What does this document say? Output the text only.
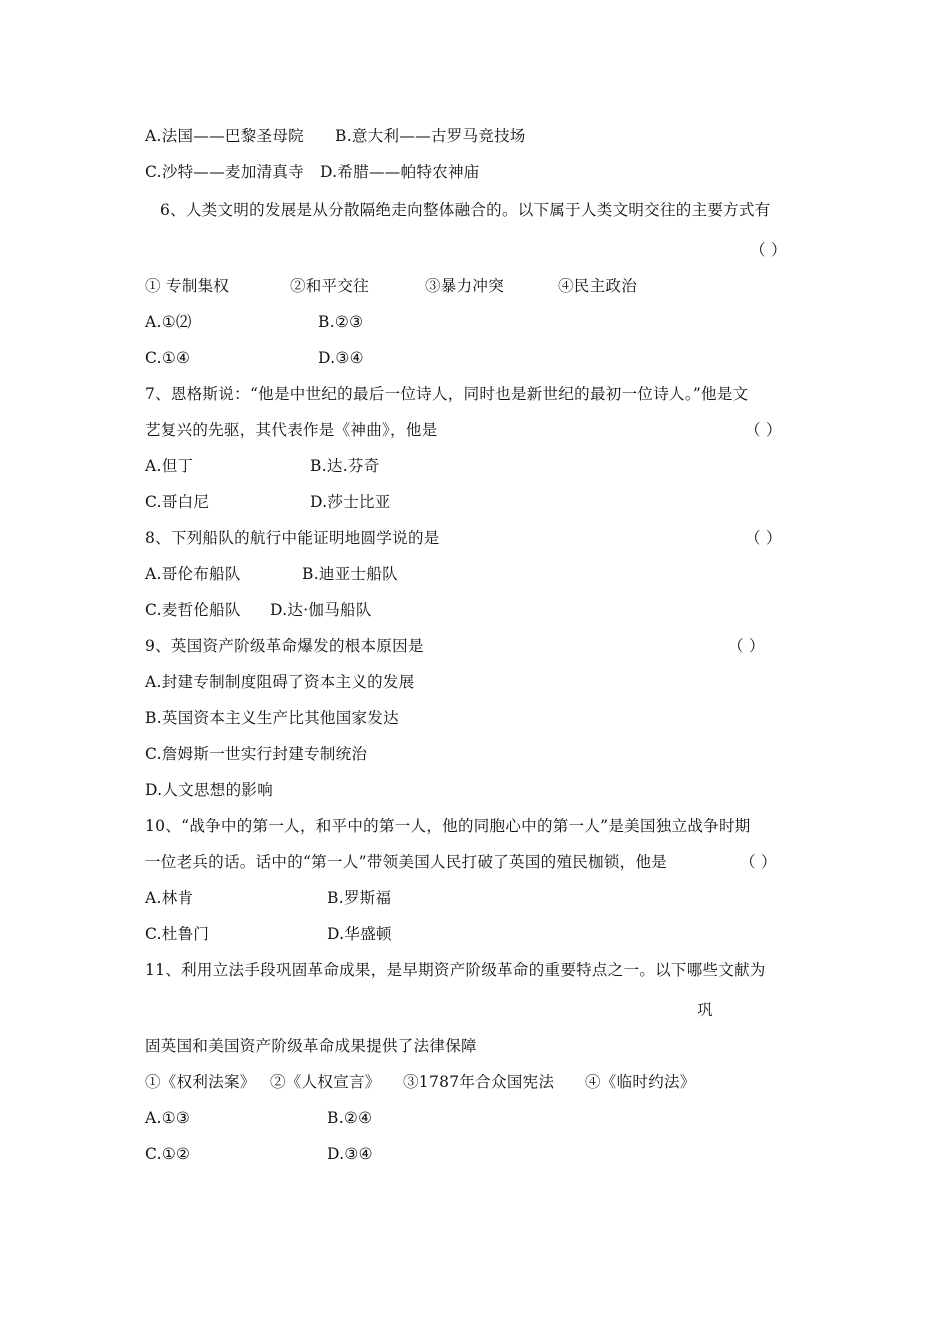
A.法国——巴黎圣母院 B.意大利——古罗马竞技场
C.沙特——麦加清真寺 D.希腊——帕特农神庙
6、人类文明的发展是从分散隔绝走向整体融合的。以下属于人类文明交往的主要方式有
（ ）
① 专制集权	②和平交往	③暴力冲突	④民主政治
A.①⑵	B.②③
C.①④	D.③④
7、恩格斯说：“他是中世纪的最后一位诗人，同时也是新世纪的最初一位诗人。”他是文
艺复兴的先驱，其代表作是《神曲》，他是	（ ）
A.但丁	B.达.芬奇
C.哥白尼	D.莎士比亚
8、下列船队的航行中能证明地圆学说的是	（ ）
A.哥伦布船队	B.迪亚士船队
C.麦哲伦船队 D.达·伽马船队
9、英国资产阶级革命爆发的根本原因是	（ ）
A.封建专制制度阻碍了资本主义的发展
B.英国资本主义生产比其他国家发达
C.詹姆斯一世实行封建专制统治
D.人文思想的影响
10、“战争中的第一人，和平中的第一人，他的同胞心中的第一人”是美国独立战争时期
一位老兵的话。话中的“第一人”带领美国人民打破了英国的殖民枷锁，他是	（ ）
A.林肯	B.罗斯福
C.杜鲁门	D.华盛顿
11、利用立法手段巩固革命成果，是早期资产阶级革命的重要特点之一。以下哪些文献为
巩
固英国和美国资产阶级革命成果提供了法律保障
①《权利法案》 ②《人权宣言》 ③1787年合众国宪法 ④《临时约法》
A.①③	B.②④
C.①②	D.③④
